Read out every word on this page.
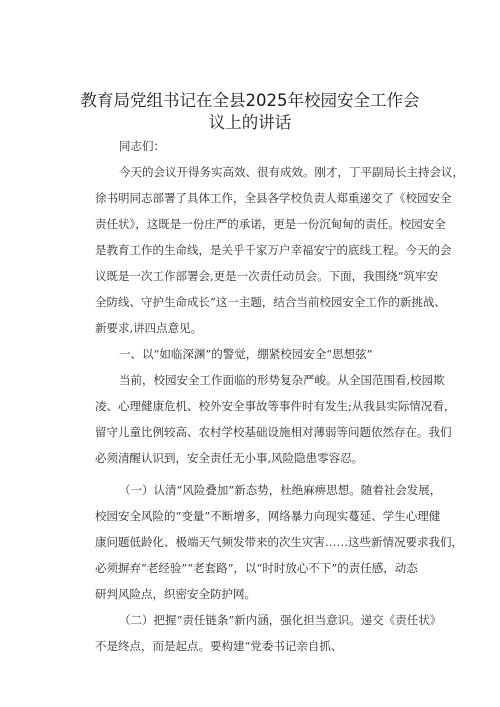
教育局党组书记在全县2025年校园安全工作会
议上的讲话
同志们：
今天的会议开得务实高效、很有成效。刚才，丁平副局长主持会议，
徐书明同志部署了具体工作，全县各学校负责人郑重递交了《校园安全
责任状》，这既是一份庄严的承诺，更是一份沉甸甸的责任。校园安全
是教育工作的生命线，是关乎千家万户幸福安宁的底线工程。今天的会
议既是一次工作部署会,更是一次责任动员会。下面，我围绕“筑牢安
全防线、守护生命成长”这一主题，结合当前校园安全工作的新挑战、
新要求,讲四点意见。
一、以“如临深渊”的警觉，绷紧校园安全“思想弦”
当前，校园安全工作面临的形势复杂严峻。从全国范围看,校园欺
凌、心理健康危机、校外安全事故等事件时有发生;从我县实际情况看，
留守儿童比例较高、农村学校基础设施相对薄弱等问题依然存在。我们
必须清醒认识到，安全责任无小事,风险隐患零容忍。
（一）认清“风险叠加”新态势，杜绝麻痹思想。随着社会发展，
校园安全风险的“变量”不断增多，网络暴力向现实蔓延、学生心理健
康问题低龄化、极端天气频发带来的次生灾害……这些新情况要求我们，
必须摒弃“老经验”“老套路”，以“时时放心不下”的责任感，动态
研判风险点，织密安全防护网。
（二）把握“责任链条”新内涵，强化担当意识。递交《责任状》
不是终点，而是起点。要构建“党委书记亲自抓、
